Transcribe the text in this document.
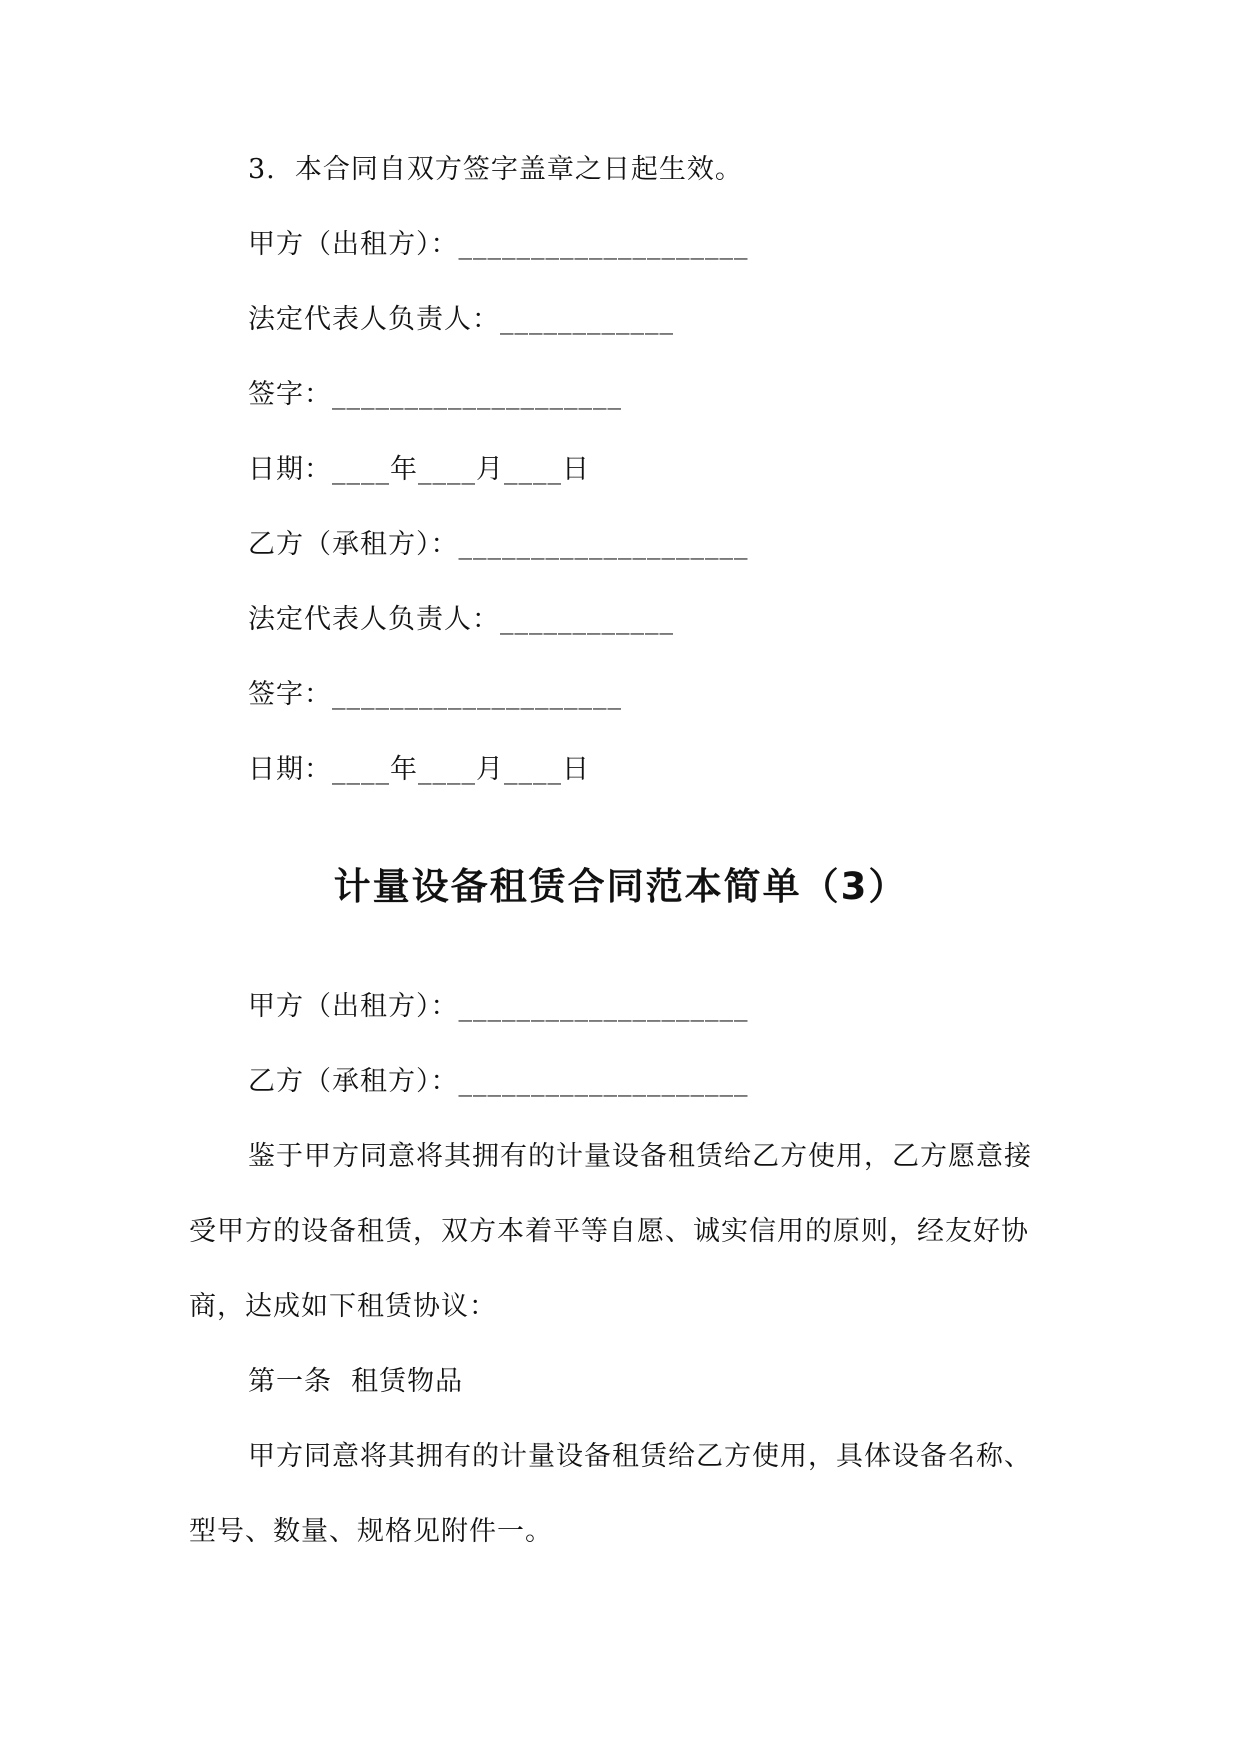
3.  本合同自双方签字盖章之日起生效。
甲方（出租方）：____________________
法定代表人负责人：____________
签字：____________________
日期：____年____月____日
乙方（承租方）：____________________
法定代表人负责人：____________
签字：____________________
日期：____年____月____日
计量设备租赁合同范本简单（3）
甲方（出租方）：____________________
乙方（承租方）：____________________
鉴于甲方同意将其拥有的计量设备租赁给乙方使用，乙方愿意接
受甲方的设备租赁，双方本着平等自愿、诚实信用的原则，经友好协
商，达成如下租赁协议：
第一条  租赁物品
甲方同意将其拥有的计量设备租赁给乙方使用，具体设备名称、
型号、数量、规格见附件一。
